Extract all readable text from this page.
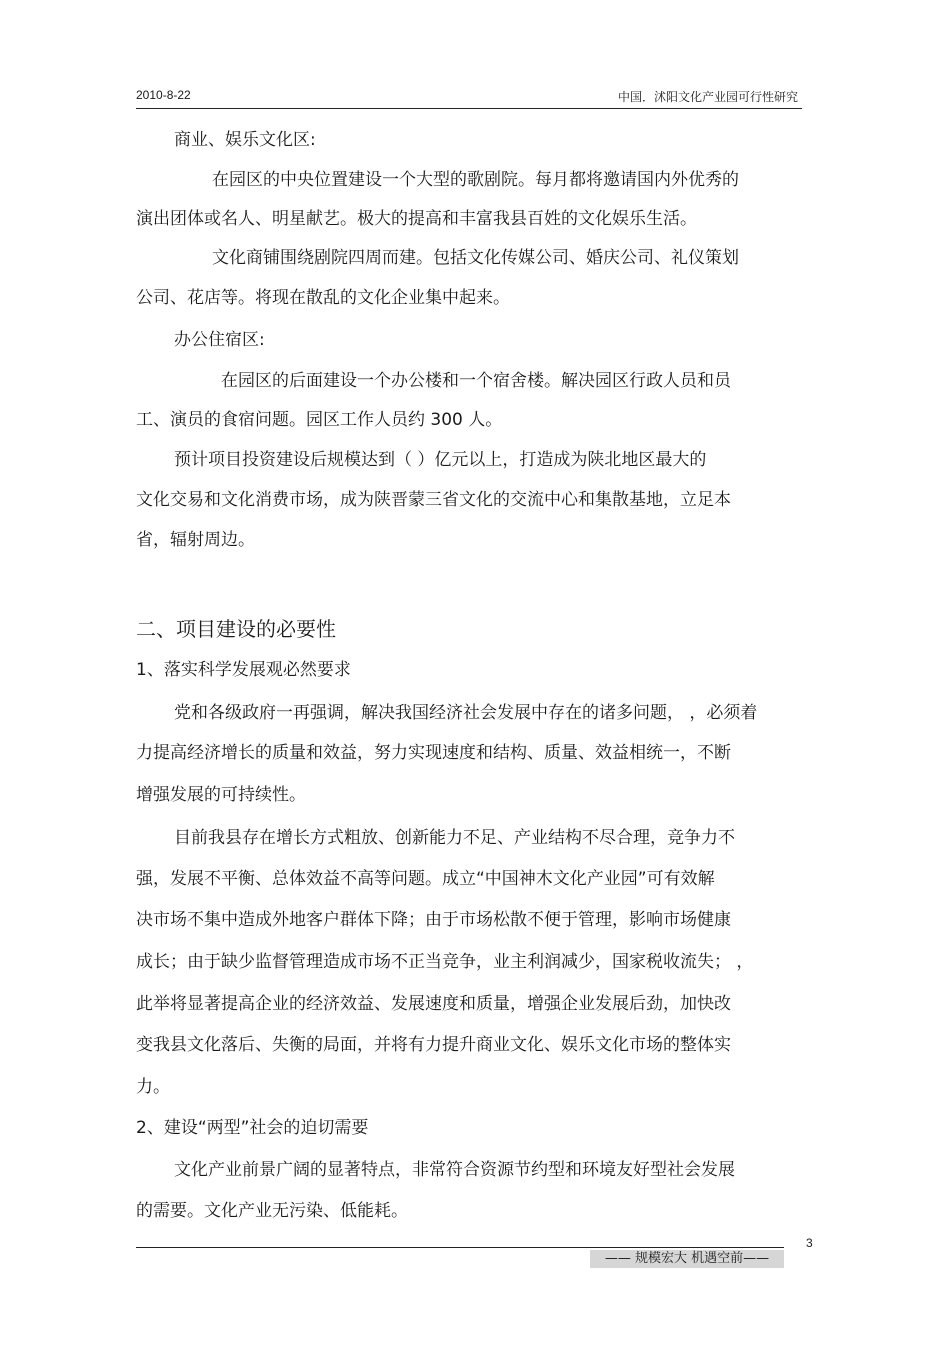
2010-8-22	中国．沭阳文化产业园可行性研究
商业、娱乐文化区:
在园区的中央位置建设一个大型的歌剧院。每月都将邀请国内外优秀的
演出团体或名人、明星献艺。极大的提高和丰富我县百姓的文化娱乐生活。
文化商铺围绕剧院四周而建。包括文化传媒公司、婚庆公司、礼仪策划
公司、花店等。将现在散乱的文化企业集中起来。
办公住宿区:
在园区的后面建设一个办公楼和一个宿舍楼。解决园区行政人员和员
工、演员的食宿问题。园区工作人员约 300 人。
预计项目投资建设后规模达到（ ）亿元以上，打造成为陕北地区最大的
文化交易和文化消费市场，成为陕晋蒙三省文化的交流中心和集散基地，立足本
省，辐射周边。
二、项目建设的必要性
1、落实科学发展观必然要求
党和各级政府一再强调，解决我国经济社会发展中存在的诸多问题， ，必须着
力提高经济增长的质量和效益，努力实现速度和结构、质量、效益相统一，不断
增强发展的可持续性。
目前我县存在增长方式粗放、创新能力不足、产业结构不尽合理，竞争力不
强，发展不平衡、总体效益不高等问题。成立“中国神木文化产业园”可有效解
决市场不集中造成外地客户群体下降；由于市场松散不便于管理，影响市场健康
成长；由于缺少监督管理造成市场不正当竞争，业主利润减少，国家税收流失； ，
此举将显著提高企业的经济效益、发展速度和质量，增强企业发展后劲，加快改
变我县文化落后、失衡的局面，并将有力提升商业文化、娱乐文化市场的整体实
力。
2、建设“两型”社会的迫切需要
文化产业前景广阔的显著特点，非常符合资源节约型和环境友好型社会发展
的需要。文化产业无污染、低能耗。
3
—— 规模宏大 机遇空前——
